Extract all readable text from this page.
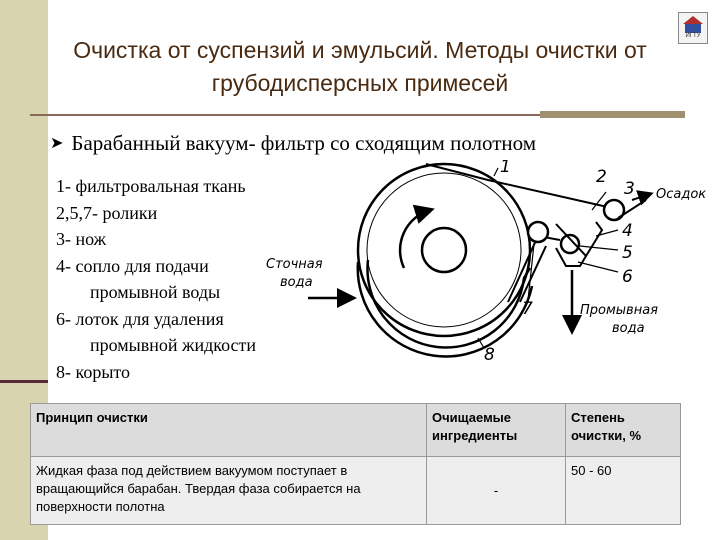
Очистка от суспензий и эмульсий. Методы очистки от грубодисперсных примесей
ИГТУ
➤ Барабанный вакуум- фильтр со сходящим полотном
1- фильтровальная ткань
2,5,7- ролики
3- нож
4- сопло для подачи
промывной воды
6- лоток для удаления
промывной жидкости
8- корыто
1	2
3
4
5
6
7
8
Сточная
вода
Осадок
Промывная
вода
Принцип очистки	Очищаемые ингредиенты	Степень очистки, %
Жидкая фаза под действием вакуумом поступает в вращающийся барабан. Твердая фаза собирается на поверхности полотна	-	50 - 60
